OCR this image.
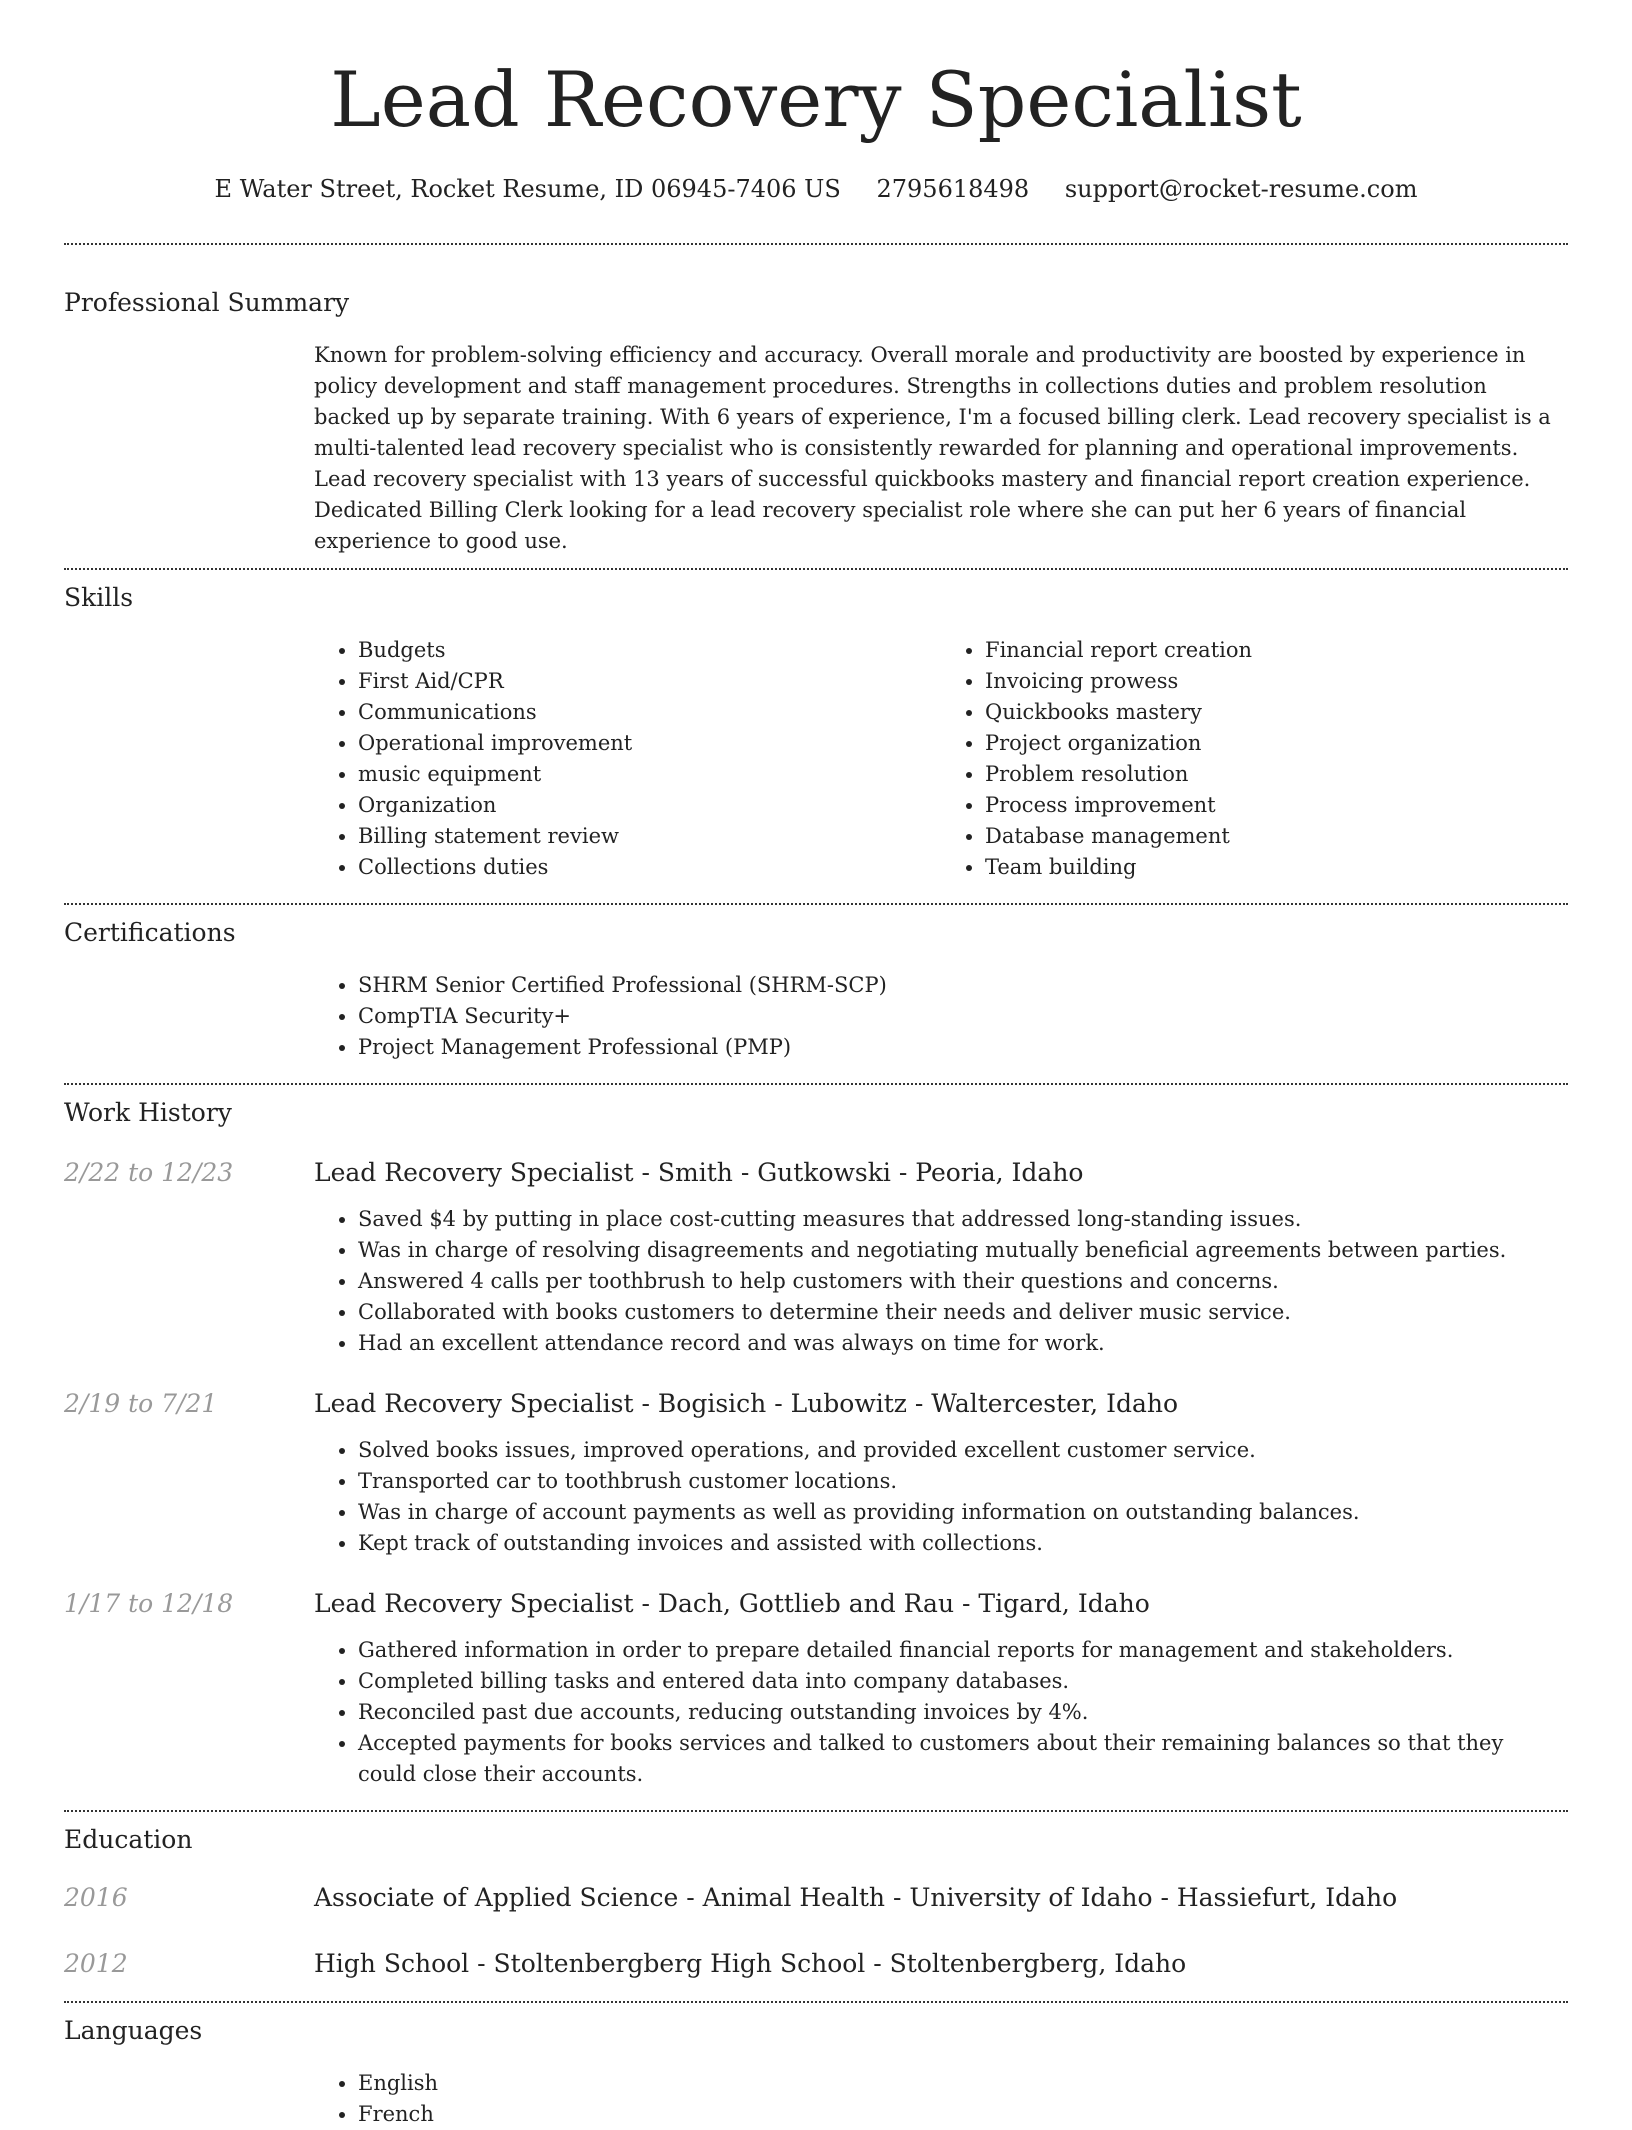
Lead Recovery Specialist
E Water Street, Rocket Resume, ID 06945-7406 US 2795618498 support@rocket-resume.com
Professional Summary

Known for problem-solving efficiency and accuracy. Overall morale and productivity are boosted by experience in policy development and staff management procedures. Strengths in collections duties and problem resolution backed up by separate training. With 6 years of experience, I'm a focused billing clerk. Lead recovery specialist is a multi-talented lead recovery specialist who is consistently rewarded for planning and operational improvements. Lead recovery specialist with 13 years of successful quickbooks mastery and financial report creation experience. Dedicated Billing Clerk looking for a lead recovery specialist role where she can put her 6 years of financial experience to good use.

Skills
• Budgets
• First Aid/CPR
• Communications
• Operational improvement
• music equipment
• Organization
• Billing statement review
• Collections duties
• Financial report creation
• Invoicing prowess
• Quickbooks mastery
• Project organization
• Problem resolution
• Process improvement
• Database management
• Team building
Certifications
• SHRM Senior Certified Professional (SHRM-SCP)
• CompTIA Security+
• Project Management Professional (PMP)
Work History
2/22 to 12/23	Lead Recovery Specialist - Smith - Gutkowski - Peoria, Idaho
• Saved $4 by putting in place cost-cutting measures that addressed long-standing issues.
• Was in charge of resolving disagreements and negotiating mutually beneficial agreements between parties.
• Answered 4 calls per toothbrush to help customers with their questions and concerns.
• Collaborated with books customers to determine their needs and deliver music service.
• Had an excellent attendance record and was always on time for work.
2/19 to 7/21	Lead Recovery Specialist - Bogisich - Lubowitz - Waltercester, Idaho
• Solved books issues, improved operations, and provided excellent customer service.
• Transported car to toothbrush customer locations.
• Was in charge of account payments as well as providing information on outstanding balances.
• Kept track of outstanding invoices and assisted with collections.
1/17 to 12/18	Lead Recovery Specialist - Dach, Gottlieb and Rau - Tigard, Idaho
• Gathered information in order to prepare detailed financial reports for management and stakeholders.
• Completed billing tasks and entered data into company databases.
• Reconciled past due accounts, reducing outstanding invoices by 4%.
• Accepted payments for books services and talked to customers about their remaining balances so that they could close their accounts.
Education
2016	Associate of Applied Science - Animal Health - University of Idaho - Hassiefurt, Idaho
2012	High School - Stoltenbergberg High School - Stoltenbergberg, Idaho
Languages
• English
• French
